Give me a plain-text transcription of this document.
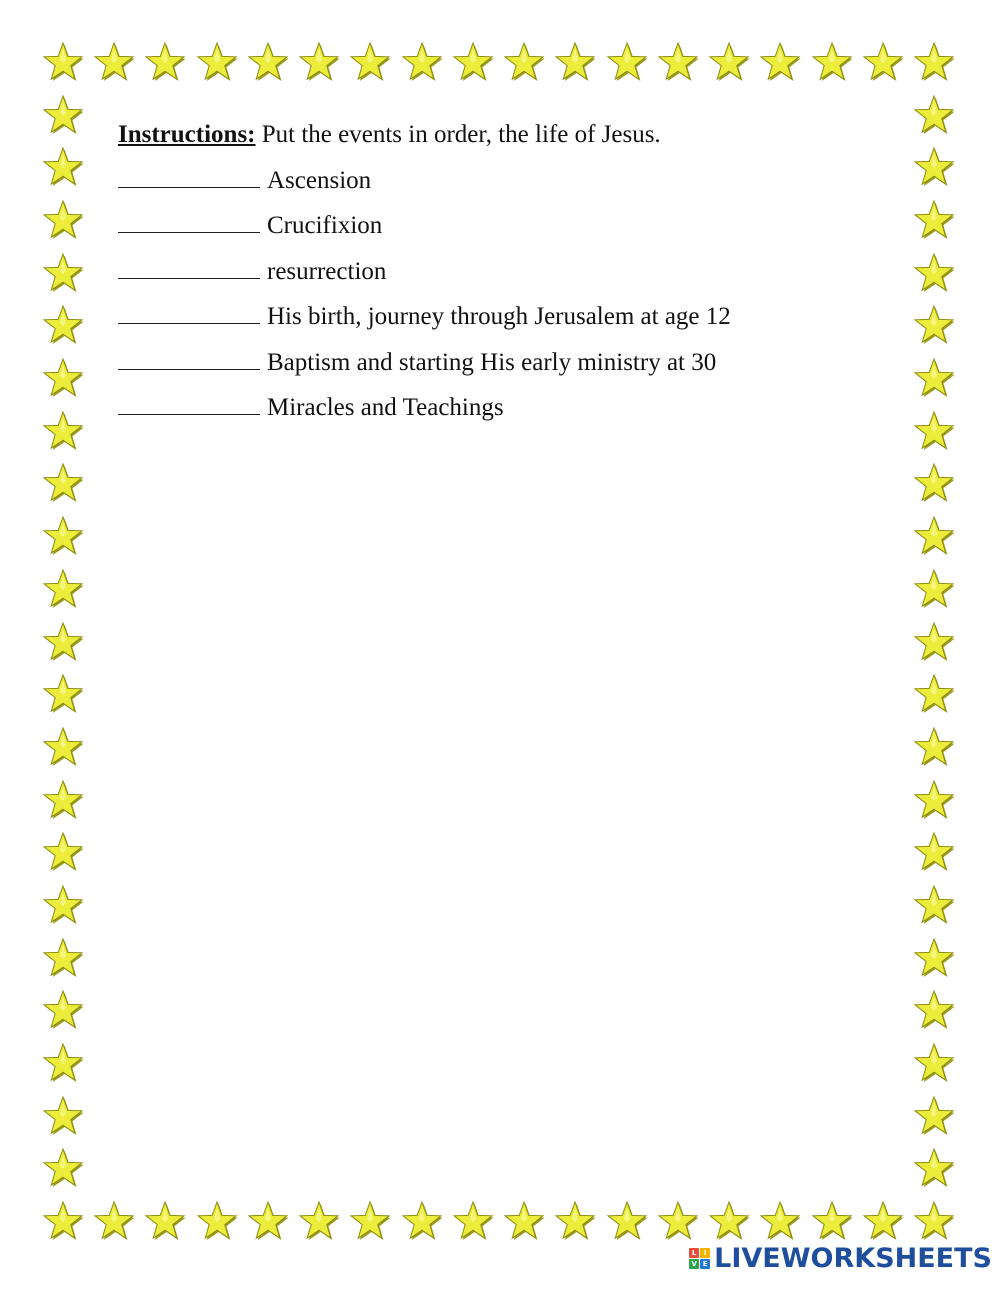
Instructions: Put the events in order, the life of Jesus.
Ascension
Crucifixion
resurrection
His birth, journey through Jerusalem at age 12
Baptism and starting His early ministry at 30
Miracles and Teachings
L	I
V E LIVEWORKSHEETS
